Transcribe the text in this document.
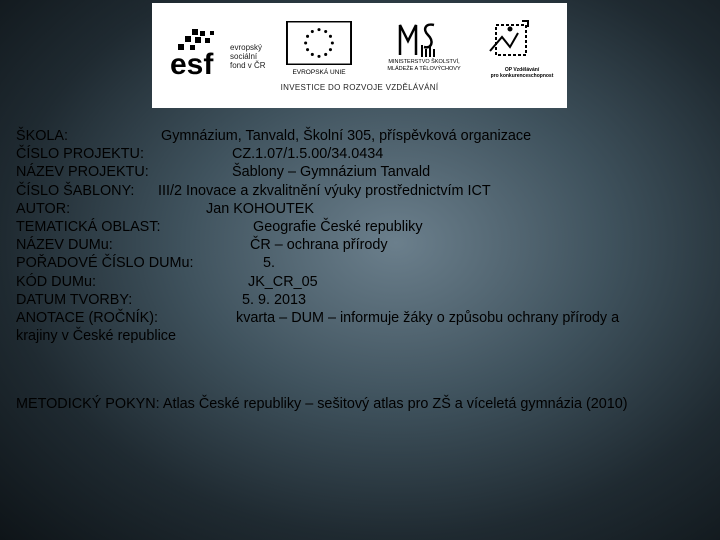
esf
evropský
sociální
fond v ČR
EVROPSKÁ UNIE
MINISTERSTVO ŠKOLSTVÍ,
MLÁDEŽE A TĚLOVÝCHOVY	OP Vzdělávání
pro konkurenceschopnost
INVESTICE DO ROZVOJE VZDĚLÁVÁNÍ
ŠKOLA:	Gymnázium, Tanvald, Školní 305, příspěvková organizace
ČÍSLO PROJEKTU:	CZ.1.07/1.5.00/34.0434
NÁZEV PROJEKTU:	Šablony – Gymnázium Tanvald
ČÍSLO ŠABLONY: III/2 Inovace a zkvalitnění výuky prostřednictvím ICT
AUTOR:	Jan KOHOUTEK
TEMATICKÁ OBLAST:	Geografie České republiky
NÁZEV DUMu:	ČR – ochrana přírody
POŘADOVÉ ČÍSLO DUMu:	5.
KÓD DUMu:	JK_CR_05
DATUM TVORBY:	5. 9. 2013
ANOTACE (ROČNÍK):	kvarta – DUM – informuje žáky o způsobu ochrany přírody a
krajiny v České republice
METODICKÝ POKYN: Atlas České republiky – sešitový atlas pro ZŠ a víceletá gymnázia (2010)
